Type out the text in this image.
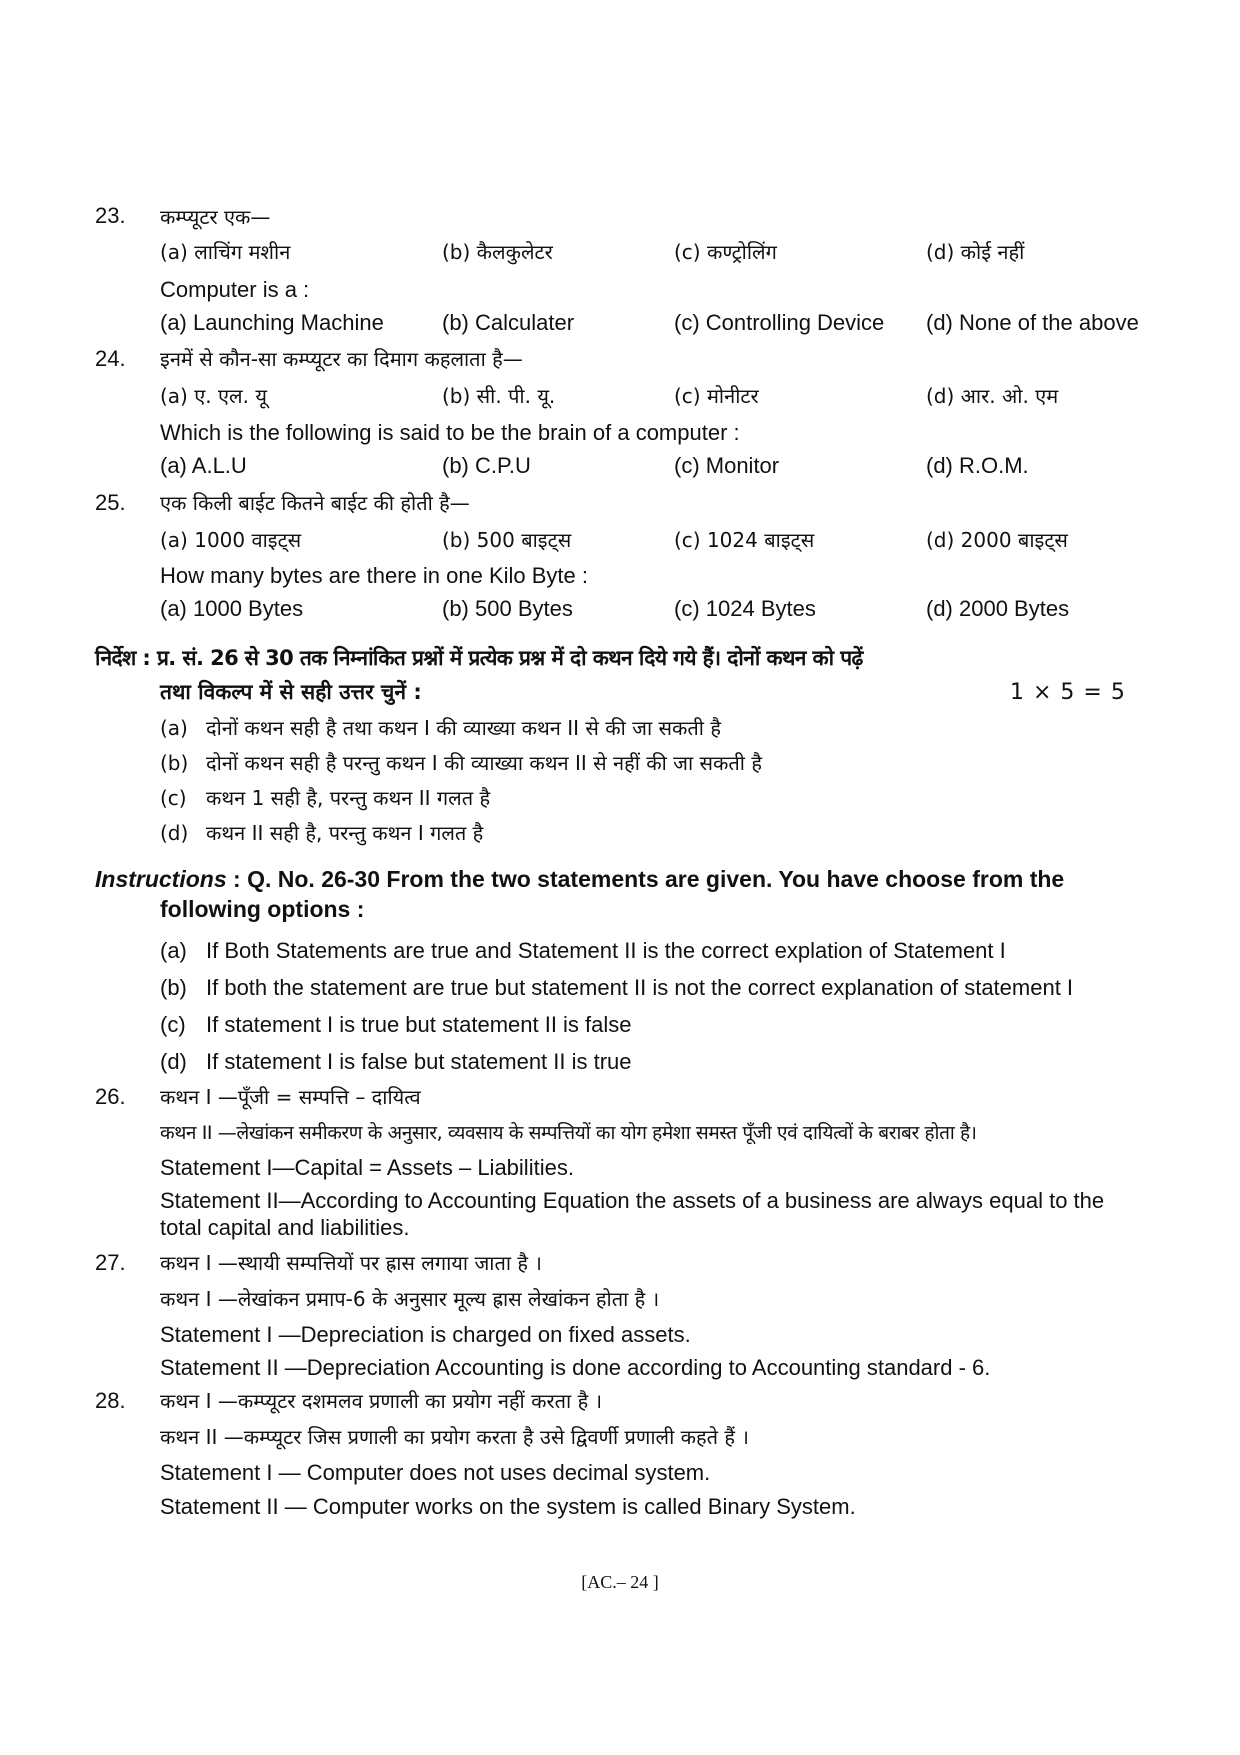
23. कम्प्यूटर एक—
(a) लाचिंग मशीन	(b) कैलकुलेटर	(c) कण्ट्रोलिंग	(d) कोई नहीं
Computer is a :
(a) Launching Machine	(b) Calculater	(c) Controlling Device (d) None of the above
24. इनमें से कौन-सा कम्प्यूटर का दिमाग कहलाता है—
(a) ए. एल. यू	(b) सी. पी. यू.	(c) मोनीटर	(d) आर. ओ. एम
Which is the following is said to be the brain of a computer :
(a) A.L.U	(b) C.P.U	(c) Monitor	(d) R.O.M.
25. एक किली बाईट कितने बाईट की होती है—
(a) 1000 वाइट्स	(b) 500 बाइट्स	(c) 1024 बाइट्स	(d) 2000 बाइट्स
How many bytes are there in one Kilo Byte :
(a) 1000 Bytes	(b) 500 Bytes	(c) 1024 Bytes	(d) 2000 Bytes
निर्देश : प्र. सं. 26 से 30 तक निम्नांकित प्रश्नों में प्रत्येक प्रश्न में दो कथन दिये गये हैं। दोनों कथन को पढ़ें
तथा विकल्प में से सही उत्तर चुनें :	1 × 5 = 5
(a) दोनों कथन सही है तथा कथन I की व्याख्या कथन II से की जा सकती है
(b) दोनों कथन सही है परन्तु कथन I की व्याख्या कथन II से नहीं की जा सकती है
(c) कथन 1 सही है, परन्तु कथन II गलत है
(d) कथन II सही है, परन्तु कथन I गलत है
Instructions : Q. No. 26-30 From the two statements are given. You have choose from the
following options :
(a) If Both Statements are true and Statement II is the correct explation of Statement I
(b) If both the statement are true but statement II is not the correct explanation of statement I
(c) If statement I is true but statement II is false
(d) If statement I is false but statement II is true
26. कथन I —पूँजी = सम्पत्ति – दायित्व
कथन II —लेखांकन समीकरण के अनुसार, व्यवसाय के सम्पत्तियों का योग हमेशा समस्त पूँजी एवं दायित्वों के बराबर होता है।
Statement I—Capital = Assets – Liabilities.
Statement II—According to Accounting Equation the assets of a business are always equal to the
total capital and liabilities.
27. कथन I —स्थायी सम्पत्तियों पर ह्रास लगाया जाता है ।
कथन I —लेखांकन प्रमाप-6 के अनुसार मूल्य ह्रास लेखांकन होता है ।
Statement I —Depreciation is charged on fixed assets.
Statement II —Depreciation Accounting is done according to Accounting standard - 6.
28. कथन I —कम्प्यूटर दशमलव प्रणाली का प्रयोग नहीं करता है ।
कथन II —कम्प्यूटर जिस प्रणाली का प्रयोग करता है उसे द्विवर्णी प्रणाली कहते हैं ।
Statement I — Computer does not uses decimal system.
Statement II — Computer works on the system is called Binary System.
[AC.– 24 ]
